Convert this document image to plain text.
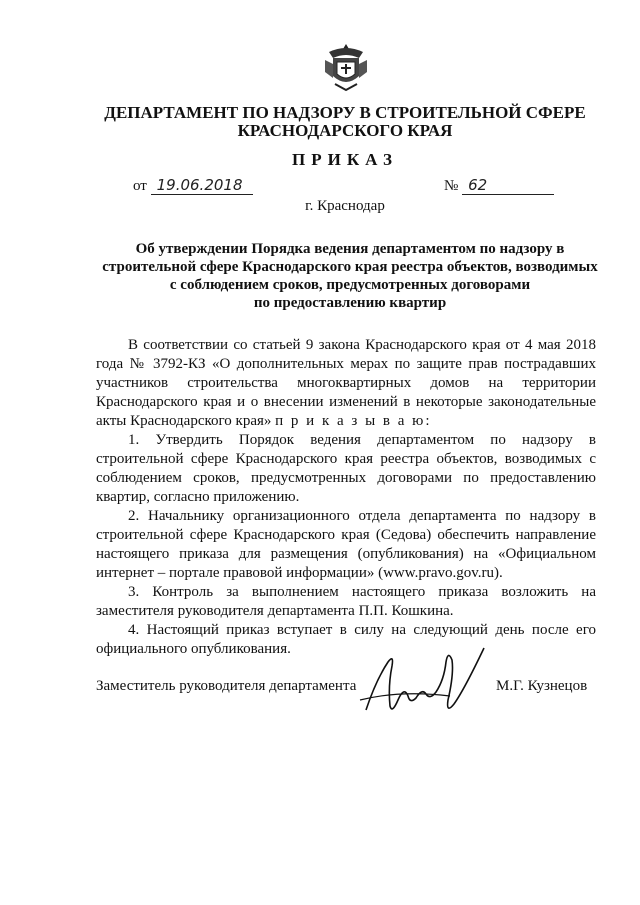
ДЕПАРТАМЕНТ ПО НАДЗОРУ В СТРОИТЕЛЬНОЙ СФЕРЕ
КРАСНОДАРСКОГО КРАЯ
ПРИКАЗ
от 19.06.2018	№ 62
г. Краснодар
Об утверждении Порядка ведения департаментом по надзору в
строительной сфере Краснодарского края реестра объектов, возводимых
с соблюдением сроков, предусмотренных договорами
по предоставлению квартир

В соответствии со статьей 9 закона Краснодарского края от 4 мая 2018 года № 3792-КЗ «О дополнительных мерах по защите прав пострадавших участников строительства многоквартирных домов на территории Краснодарского края и о внесении изменений в некоторые законодательные акты Краснодарского края» п р и к а з ы в а ю:

1. Утвердить Порядок ведения департаментом по надзору в строительной сфере Краснодарского края реестра объектов, возводимых с соблюдением сроков, предусмотренных договорами по предоставлению квартир, согласно приложению.

2. Начальнику организационного отдела департамента по надзору в строительной сфере Краснодарского края (Седова) обеспечить направление настоящего приказа для размещения (опубликования) на «Официальном интернет – портале правовой информации» (www.pravo.gov.ru).

3. Контроль за выполнением настоящего приказа возложить на заместителя руководителя департамента П.П. Кошкина.

4. Настоящий приказ вступает в силу на следующий день после его официального опубликования.

Заместитель руководителя департамента	М.Г. Кузнецов
